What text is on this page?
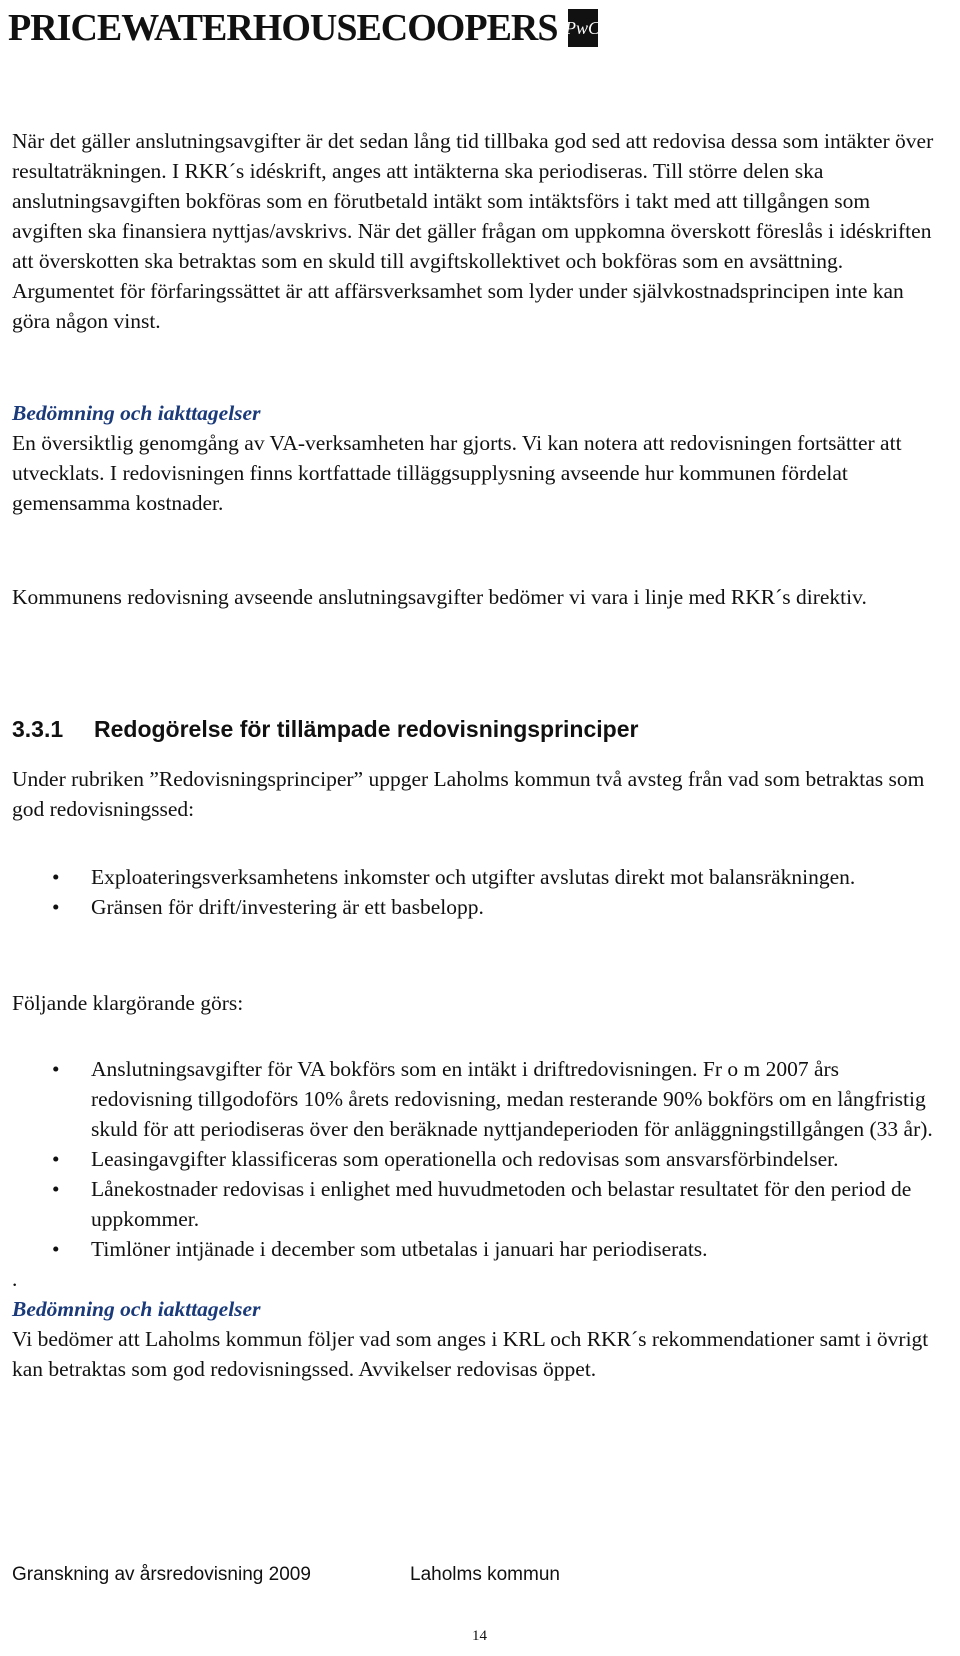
PRICEWATERHOUSECOOPERS PwC

När det gäller anslutningsavgifter är det sedan lång tid tillbaka god sed att redovisa dessa som intäkter över resultaträkningen. I RKR´s idéskrift, anges att intäkterna ska periodiseras. Till större delen ska anslutningsavgiften bokföras som en förutbetald intäkt som intäktsförs i takt med att tillgången som avgiften ska finansiera nyttjas/avskrivs. När det gäller frågan om uppkomna överskott föreslås i idéskriften att överskotten ska betraktas som en skuld till avgiftskollektivet och bokföras som en avsättning. Argumentet för förfaringssättet är att affärsverksamhet som lyder under självkostnadsprincipen inte kan göra någon vinst.

Bedömning och iakttagelser

En översiktlig genomgång av VA-verksamheten har gjorts. Vi kan notera att redovisningen fortsätter att utvecklats. I redovisningen finns kortfattade tilläggsupplysning avseende hur kommunen fördelat gemensamma kostnader.

Kommunens redovisning avseende anslutningsavgifter bedömer vi vara i linje med RKR´s direktiv.

3.3.1 Redogörelse för tillämpade redovisningsprinciper

Under rubriken ”Redovisningsprinciper” uppger Laholms kommun två avsteg från vad som betraktas som god redovisningssed:

• Exploateringsverksamhetens inkomster och utgifter avslutas direkt mot balansräkningen.
• Gränsen för drift/investering är ett basbelopp.

Följande klargörande görs:

• Anslutningsavgifter för VA bokförs som en intäkt i driftredovisningen. Fr o m 2007 års redovisning tillgodoförs 10% årets redovisning, medan resterande 90% bokförs om en långfristig skuld för att periodiseras över den beräknade nyttjandeperioden för anläggningstillgången (33 år).
• Leasingavgifter klassificeras som operationella och redovisas som ansvarsförbindelser.
• Lånekostnader redovisas i enlighet med huvudmetoden och belastar resultatet för den period de uppkommer.
• Timlöner intjänade i december som utbetalas i januari har periodiserats.
.
Bedömning och iakttagelser

Vi bedömer att Laholms kommun följer vad som anges i KRL och RKR´s rekommendationer samt i övrigt kan betraktas som god redovisningssed. Avvikelser redovisas öppet.

Granskning av årsredovisning 2009	Laholms kommun
14
